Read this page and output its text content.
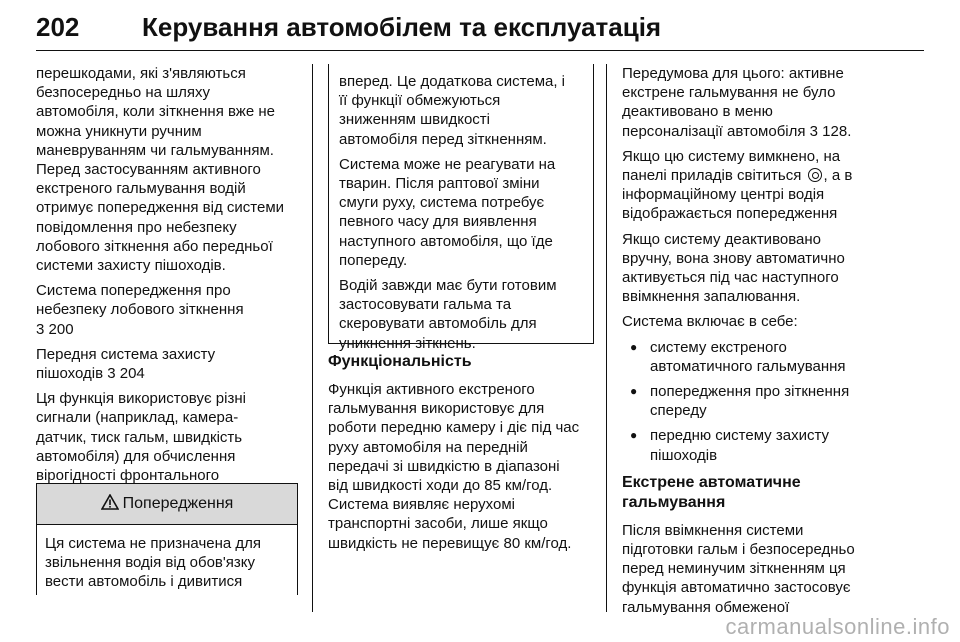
202 Керування автомобілем та експлуатація

перешкодами, які з'являються
безпосередньо на шляху
автомобіля, коли зіткнення вже не
можна уникнути ручним
маневруванням чи гальмуванням.
Перед застосуванням активного
екстреного гальмування водій
отримує попередження від системи
повідомлення про небезпеку
лобового зіткнення або передньої
системи захисту пішоходів.

Система попередження про
небезпеку лобового зіткнення
3 200

Передня система захисту
пішоходів 3 204

Ця функція використовує різні
сигнали (наприклад, камера-
датчик, тиск гальм, швидкість
автомобіля) для обчислення
вірогідності фронтального

Попередження
Ця система не призначена для
звільнення водія від обов'язку
вести автомобіль і дивитися

вперед. Це додаткова система, і
її функції обмежуються
зниженням швидкості
автомобіля перед зіткненням.

Система може не реагувати на
тварин. Після раптової зміни
смуги руху, система потребує
певного часу для виявлення
наступного автомобіля, що їде
попереду.

Водій завжди має бути готовим
застосовувати гальма та
скеровувати автомобіль для
уникнення зіткнень.

Функціональність

Функція активного екстреного
гальмування використовує для
роботи передню камеру і діє під час
руху автомобіля на передній
передачі зі швидкістю в діапазоні
від швидкості ходи до 85 км/год.
Система виявляє нерухомі
транспортні засоби, лише якщо
швидкість не перевищує 80 км/год.

Передумова для цього: активне
екстрене гальмування не було
деактивовано в меню
персоналізації автомобіля 3 128.

Якщо цю систему вимкнено, на
панелі приладів світиться , а в
інформаційному центрі водія
відображається попередження

Якщо систему деактивовано
вручну, вона знову автоматично
активується під час наступного
ввімкнення запалювання.

Система включає в себе:

● систему екстреного
автоматичного гальмування
● попередження про зіткнення
спереду
● передню систему захисту
пішоходів
Екстрене автоматичне
гальмування

Після ввімкнення системи
підготовки гальм і безпосередньо
перед неминучим зіткненням ця
функція автоматично застосовує
гальмування обмеженої

carmanualsonline.info
